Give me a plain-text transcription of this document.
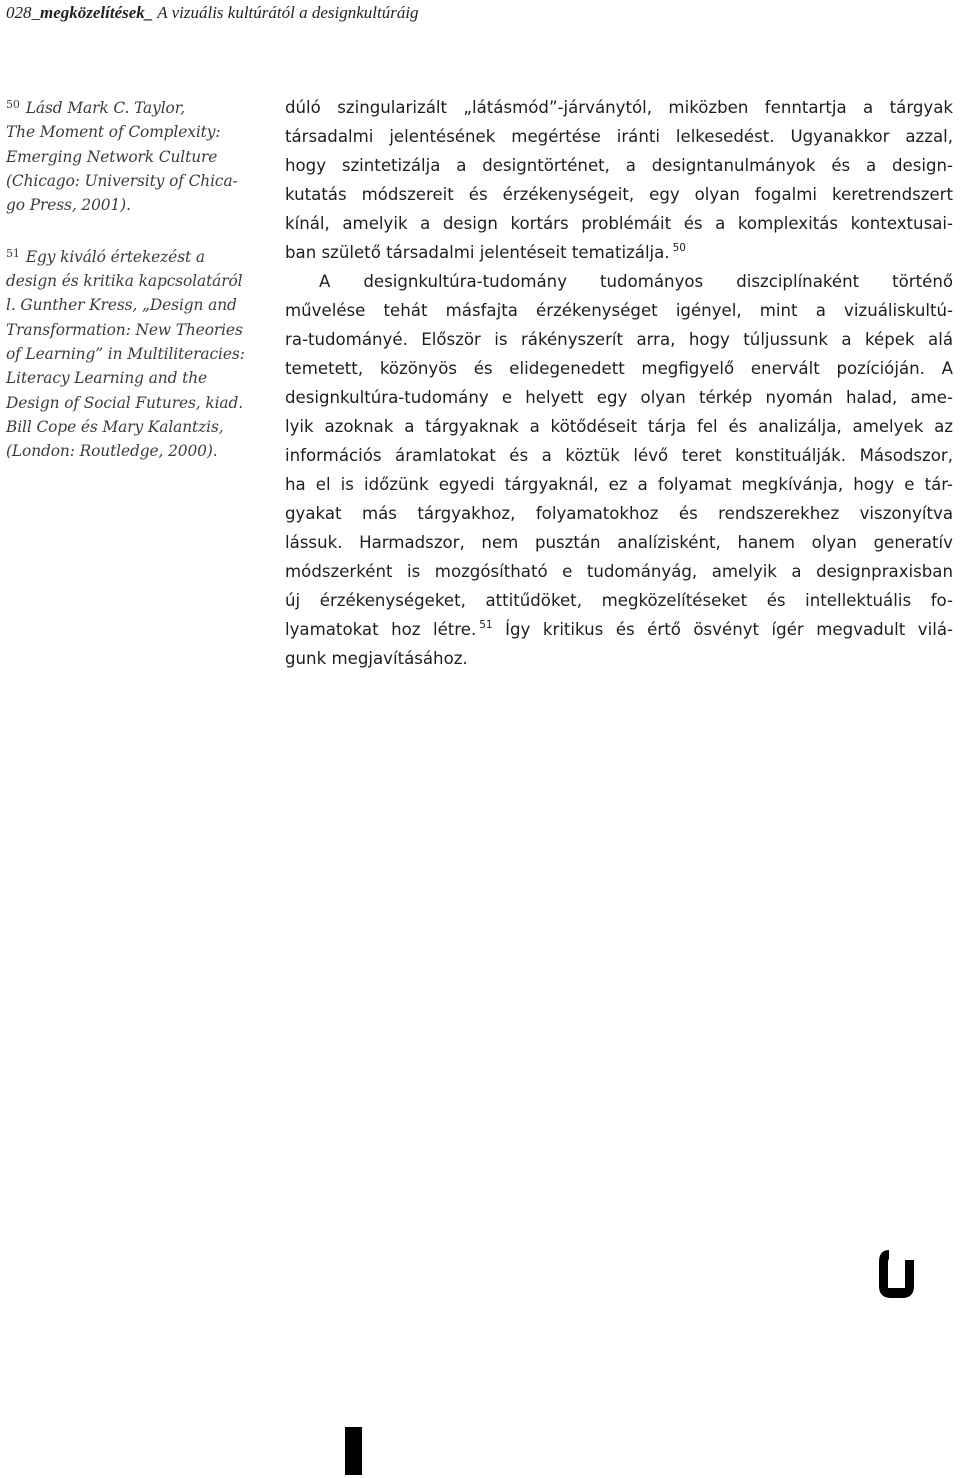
028_megközelítések_ A vizuális kultúrától a designkultúráig
$^{50}$ Lásd Mark C. Taylor,
The Moment of Complexity:
Emerging Network Culture
(Chicago: University of Chica-
go Press, 2001).
$^{51}$ Egy kiváló értekezést a
design és kritika kapcsolatáról
l. Gunther Kress, „Design and
Transformation: New Theories
of Learning” in Multiliteracies:
Literacy Learning and the
Design of Social Futures, kiad.
Bill Cope és Mary Kalantzis,
(London: Routledge, 2000).
dúló szingularizált „látásmód”-járványtól, miközben fenntartja a tárgyak
társadalmi jelentésének megértése iránti lelkesedést. Ugyanakkor azzal,
hogy szintetizálja a designtörténet, a designtanulmányok és a design-
kutatás módszereit és érzékenységeit, egy olyan fogalmi keretrendszert
kínál, amelyik a design kortárs problémáit és a komplexitás kontextusai-
ban születő társadalmi jelentéseit tematizálja. $^{50}$
A designkultúra-tudomány tudományos diszciplínaként történő
művelése tehát másfajta érzékenységet igényel, mint a vizuáliskultú-
ra-tudományé. Először is rákényszerít arra, hogy túljussunk a képek alá
temetett, közönyös és elidegenedett megfigyelő enervált pozícióján. A
designkultúra-tudomány e helyett egy olyan térkép nyomán halad, ame-
lyik azoknak a tárgyaknak a kötődéseit tárja fel és analizálja, amelyek az
információs áramlatokat és a köztük lévő teret konstituálják. Másodszor,
ha el is időzünk egyedi tárgyaknál, ez a folyamat megkívánja, hogy e tár-
gyakat más tárgyakhoz, folyamatokhoz és rendszerekhez viszonyítva
lássuk. Harmadszor, nem pusztán analízisként, hanem olyan generatív
módszerként is mozgósítható e tudományág, amelyik a designpraxisban
új érzékenységeket, attitűdöket, megközelítéseket és intellektuális fo-
lyamatokat hoz létre. $^{51}$ Így kritikus és értő ösvényt ígér megvadult vilá-
gunk megjavításához.
